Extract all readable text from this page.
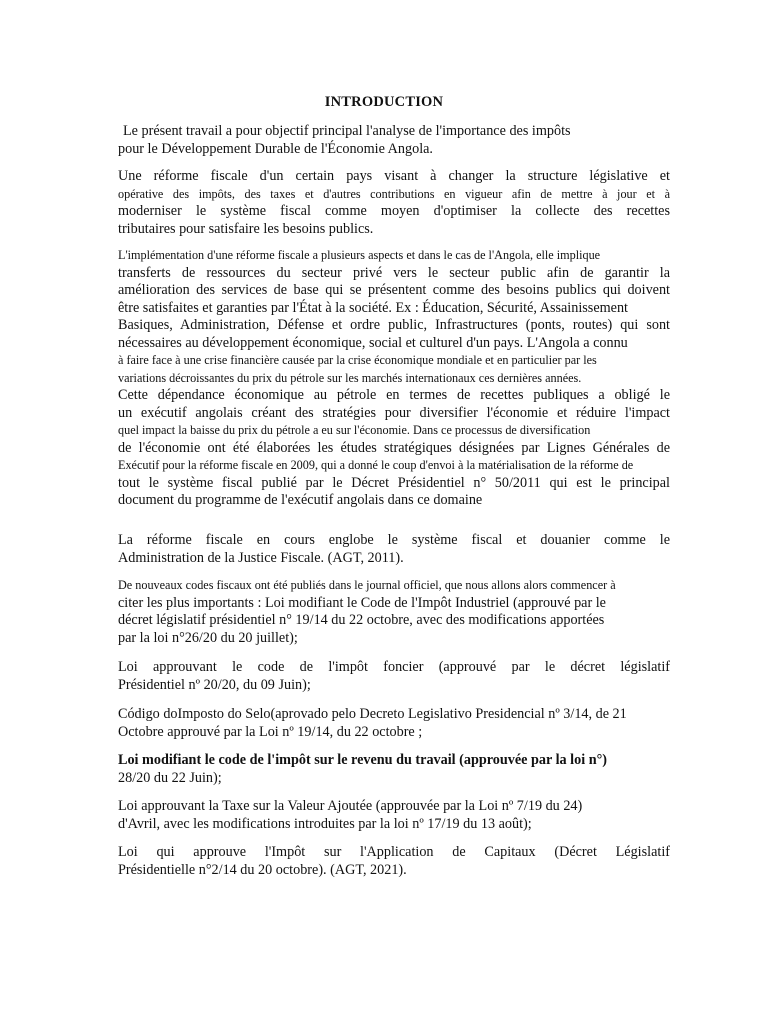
INTRODUCTION
Le présent travail a pour objectif principal l'analyse de l'importance des impôts
pour le Développement Durable de l'Économie Angola.
Une réforme fiscale d'un certain pays visant à changer la structure législative et
opérative des impôts, des taxes et d'autres contributions en vigueur afin de mettre à jour et à
moderniser le système fiscal comme moyen d'optimiser la collecte des recettes
tributaires pour satisfaire les besoins publics.
L'implémentation d'une réforme fiscale a plusieurs aspects et dans le cas de l'Angola, elle implique
transferts de ressources du secteur privé vers le secteur public afin de garantir la
amélioration des services de base qui se présentent comme des besoins publics qui doivent
être satisfaites et garanties par l'État à la société. Ex : Éducation, Sécurité, Assainissement
Basiques, Administration, Défense et ordre public, Infrastructures (ponts, routes) qui sont
nécessaires au développement économique, social et culturel d'un pays. L'Angola a connu
à faire face à une crise financière causée par la crise économique mondiale et en particulier par les
variations décroissantes du prix du pétrole sur les marchés internationaux ces dernières années.
Cette dépendance économique au pétrole en termes de recettes publiques a obligé le
un exécutif angolais créant des stratégies pour diversifier l'économie et réduire l'impact
quel impact la baisse du prix du pétrole a eu sur l'économie. Dans ce processus de diversification
de l'économie ont été élaborées les études stratégiques désignées par Lignes Générales de
Exécutif pour la réforme fiscale en 2009, qui a donné le coup d'envoi à la matérialisation de la réforme de
tout le système fiscal publié par le Décret Présidentiel n° 50/2011 qui est le principal
document du programme de l'exécutif angolais dans ce domaine
La réforme fiscale en cours englobe le système fiscal et douanier comme le
Administration de la Justice Fiscale. (AGT, 2011).
De nouveaux codes fiscaux ont été publiés dans le journal officiel, que nous allons alors commencer à
citer les plus importants : Loi modifiant le Code de l'Impôt Industriel (approuvé par le
décret législatif présidentiel n° 19/14 du 22 octobre, avec des modifications apportées
par la loi n°26/20 du 20 juillet);
Loi approuvant le code de l'impôt foncier (approuvé par le décret législatif
Présidentiel nº 20/20, du 09 Juin);
Código doImposto do Selo(aprovado pelo Decreto Legislativo Presidencial nº 3/14, de 21
Octobre approuvé par la Loi nº 19/14, du 22 octobre ;
Loi modifiant le code de l'impôt sur le revenu du travail (approuvée par la loi n°)
28/20 du 22 Juin);
Loi approuvant la Taxe sur la Valeur Ajoutée (approuvée par la Loi nº 7/19 du 24)
d'Avril, avec les modifications introduites par la loi nº 17/19 du 13 août);
Loi qui approuve l'Impôt sur l'Application de Capitaux (Décret Législatif
Présidentielle n°2/14 du 20 octobre). (AGT, 2021).
